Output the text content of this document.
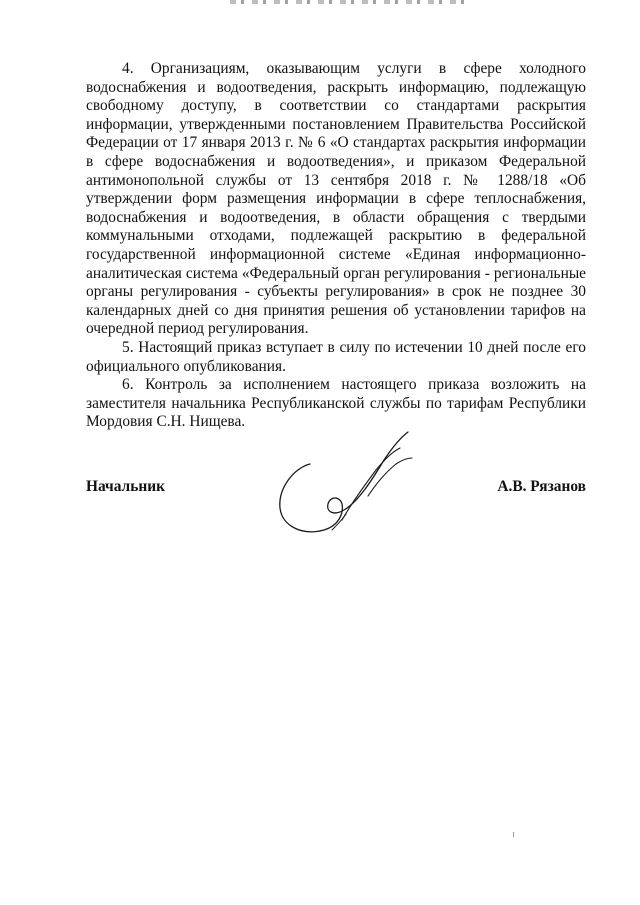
4. Организациям, оказывающим услуги в сфере холодного водоснабжения и водоотведения, раскрыть информацию, подлежащую свободному доступу, в соответствии со стандартами раскрытия информации, утвержденными постановлением Правительства Российской Федерации от 17 января 2013 г. № 6 «О стандартах раскрытия информации в сфере водоснабжения и водоотведения», и приказом Федеральной антимонопольной службы от 13 сентября 2018 г. № 1288/18 «Об утверждении форм размещения информации в сфере теплоснабжения, водоснабжения и водоотведения, в области обращения с твердыми коммунальными отходами, подлежащей раскрытию в федеральной государственной информационной системе «Единая информационно-аналитическая система «Федеральный орган регулирования - региональные органы регулирования - субъекты регулирования» в срок не позднее 30 календарных дней со дня принятия решения об установлении тарифов на очередной период регулирования.

5. Настоящий приказ вступает в силу по истечении 10 дней после его официального опубликования.

6. Контроль за исполнением настоящего приказа возложить на заместителя начальника Республиканской службы по тарифам Республики Мордовия С.Н. Нищева.

Начальник	А.В. Рязанов
